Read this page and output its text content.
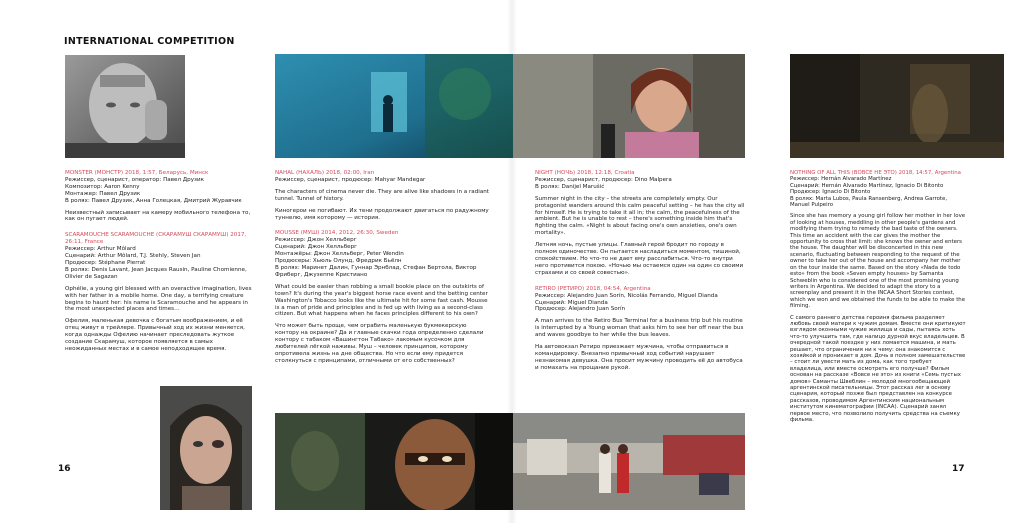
INTERNATIONAL COMPETITION
MONSTER (МОНСТР) 2018, 1:57, Беларусь, Минск
Режиссер, сценарист, оператор: Павел Друзик
Композитор: Aaron Kenny
Монтажер: Павел Друзик
В ролях: Павел Друзик, Анна Голецкая, Дмитрий Журавчик

Неизвестный записывает на камеру мобильного телефона то, как он пугает людей.

SCARAMOUCHE SCARAMOUCHE (СКАРАМУШ СКАРАМУШ) 2017, 26:11, France
Режиссер: Arthur Môlard
Сценарий: Arthur Môlard, T.J. Stehly, Steven Jan
Продюсер: Stéphane Pierrat
В ролях: Denis Lavant, Jean Jacques Rausin, Pauline Chomienne, Olivier de Sagazan

Ophélie, a young girl blessed with an overactive imagination, lives with her father in a mobile home. One day, a terrifying creature begins to haunt her: his name is Scaramouche and he appears in the most unexpected places and times…

Офелия, маленькая девочка с богатым воображением, и её отец живут в трейлере. Привычный ход их жизни меняется, когда однажды Офелию начинает преследовать жуткое создание Скарамуш, которое появляется в самых неожиданных местах и в самое неподходящее время.

NAHAL (НАХАЛЬ) 2018, 02:00, Iran
Режиссер, сценарист, продюсер: Mahyar Mandegar

The characters of cinema never die. They are alive like shadows in a radiant tunnel. Tunnel of history.

Киногерои не погибают. Их тени продолжают двигаться по радужному туннелю, имя которому — история.

MOUSSE (МУШ) 2014, 2012, 26:30, Sweden
Режиссер: Джон Хелльберг
Сценарий: Джон Хелльберг
Монтажёры: Джон Хелльберг, Peter Wendin
Продюсеры: Хьюль Олунд, Фредрик Бьёлн
В ролях: Маринет Далин, Гуннар Эрнблад, Стефан Бертола, Виктор Фриберг, Джузеппе Кристиано

What could be easier than robbing a small bookie place on the outskirts of town? It's during the year's biggest horse race event and the betting center Washington's Tobacco looks like the ultimate hit for some fast cash. Mousse is a man of pride and principles and is fed up with living as a second-class citizen. But what happens when he faces principles different to his own?

Что может быть проще, чем ограбить маленькую букмекерскую контору на окраине? Да и главные скачки года определенно сделали контору с табаком «Вашингтон Табако» лакомым кусочком для любителей лёгкой наживы. Муш – человек принципов, которому опротивела жизнь на дне общества. Но что если ему придется столкнуться с принципами, отличными от его собственных?

NIGHT (НОЧЬ) 2018, 12:18, Croatia
Режиссер, сценарист, продюсер: Dino Malpera
В ролях: Danijel Marušić

Summer night in the city – the streets are completely empty. Our protagonist wanders around this calm peaceful setting – he has the city all for himself. He is trying to take it all in; the calm, the peacefulness of the ambient. But he is unable to rest – there's something inside him that's fighting the calm. «Night is about facing one's own anxieties, one's own mortality».

Летняя ночь, пустые улицы. Главный герой бродит по городу в полном одиночестве. Он пытается насладиться моментом, тишиной, спокойствием. Но что-то не дает ему расслабиться. Что-то внутри него противится покою. «Ночью мы остаемся один на один со своими страхами и со своей совестью».

RETIRO (РЕТИРО) 2018, 04:54, Argentina
Режиссер: Alejandro Juan Sorín, Nicolás Ferrando, Miguel Dianda
Сценарий: Miguel Dianda
Продюсер: Alejandro Juan Sorín

A man arrives to the Retiro Bus Terminal for a business trip but his routine is interrupted by a Young woman that asks him to see her off near the bus and waves goodbye to her while the bus leaves.

На автовокзал Ретиро приезжает мужчина, чтобы отправиться в командировку. Внезапно привычный ход событий нарушает незнакомая девушка. Она просит мужчину проводить её до автобуса и помахать на прощание рукой.

NOTHING OF ALL THIS (ВОВСЕ НЕ ЭТО) 2018, 14:57, Argentina
Режиссер: Hernán Alvarado Martínez
Сценарий: Hernán Alvarado Martínez, Ignacio Di Bitonto
Продюсер: Ignacio Di Bitonto
В ролях: Marta Lubos, Paula Ransenberg, Andrea Garrote, Manuel Pulpeiro

Since she has memory a young girl follow her mother in her love of looking at houses, meddling in other people's gardens and modifying them trying to remedy the bad taste of the owners. This time an accident with the car gives the mother the opportunity to cross that limit: she knows the owner and enters the house. The daughter will be disconcerted in this new scenario, fluctuating between responding to the request of the owner to take her out of the house and accompany her mother on the tour inside the same. Based on the story «Nada de todo esto» from the book «Seven empty houses» by Samanta Schweblin who is considered one of the most promising young writers in Argentina. We decided to adapt the story to a screenplay and present it in the INCAA Short Stories contest, which we won and we obtained the funds to be able to make the filming.

С самого раннего детства героиня фильма разделяет любовь своей матери к чужим домам. Вместе они критикуют взглядом оконными чужие жилища и сады, пытаясь хоть что-то улучшить там, где налицо дурной вкус владельцев. В очередной такой поездке у них ломается машина, и мать решает, что ограничения ни к чему: она знакомится с хозяйкой и проникает в дом. Дочь в полном замешательстве – стоит ли увести мать из дома, как того требует владелица, или вместе осмотреть его получше? Фильм основан на рассказе «Вовсе не это» из книги «Семь пустых домов» Саманты Швеблин – молодой многообещающей аргентинской писательницы. Этот рассказ лег в основу сценария, который позже был представлен на конкурсе рассказов, проводимом Аргентинским национальным институтом кинематографии (INCAA). Сценарий занял первое место, что позволило получить средства на съемку фильма.

16	17
